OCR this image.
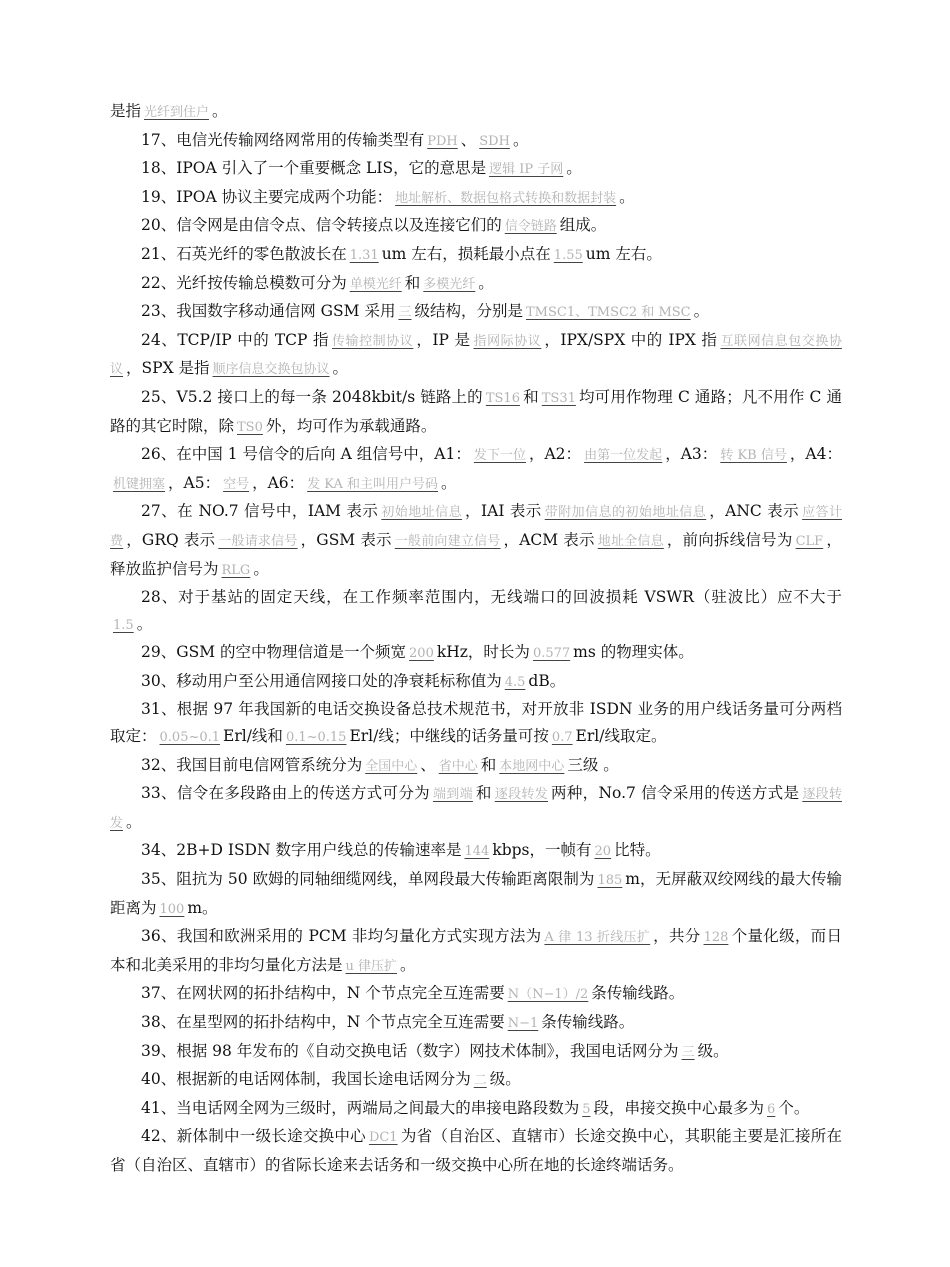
是指 光纤到住户 。

17、电信光传输网络网常用的传输类型有 PDH 、 SDH 。

18、IPOA 引入了一个重要概念 LIS，它的意思是 逻辑 IP 子网 。

19、IPOA 协议主要完成两个功能： 地址解析、数据包格式转换和数据封装 。

20、信令网是由信令点、信令转接点以及连接它们的 信令链路 组成。

21、石英光纤的零色散波长在 1.31 um 左右，损耗最小点在 1.55 um 左右。

22、光纤按传输总模数可分为 单模光纤 和 多模光纤 。

23、我国数字移动通信网 GSM 采用 三 级结构，分别是 TMSC1、TMSC2 和 MSC 。

24、TCP/IP 中的 TCP 指 传输控制协议 ，IP 是 指网际协议 ，IPX/SPX 中的 IPX 指 互联网信息包交换协议 ，SPX 是指 顺序信息交换包协议 。

25、V5.2 接口上的每一条 2048kbit/s 链路上的 TS16 和 TS31 均可用作物理 C 通路；凡不用作 C 通路的其它时隙，除 TS0 外，均可作为承载通路。

26、在中国 1 号信令的后向 A 组信号中，A1： 发下一位 ，A2： 由第一位发起 ，A3： 转 KB 信号 ，A4：机键拥塞 ，A5： 空号 ，A6： 发 KA 和主叫用户号码 。

27、在 NO.7 信号中，IAM 表示 初始地址信息 ，IAI 表示 带附加信息的初始地址信息 ，ANC 表示 应答计费 ，GRQ 表示 一般请求信号 ，GSM 表示 一般前向建立信号 ，ACM 表示 地址全信息 ，前向拆线信号为 CLF ，释放监护信号为 RLG 。

28、对于基站的固定天线，在工作频率范围内，无线端口的回波损耗 VSWR（驻波比）应不大于1.5 。

29、GSM 的空中物理信道是一个频宽 200 kHz，时长为 0.577 ms 的物理实体。

30、移动用户至公用通信网接口处的净衰耗标称值为 4.5 dB。

31、根据 97 年我国新的电话交换设备总技术规范书，对开放非 ISDN 业务的用户线话务量可分两档取定： 0.05~0.1 Erl/线和 0.1~0.15 Erl/线；中继线的话务量可按 0.7 Erl/线取定。

32、我国目前电信网管系统分为 全国中心 、 省中心 和 本地网中心 三级 。

33、信令在多段路由上的传送方式可分为 端到端 和 逐段转发 两种，No.7 信令采用的传送方式是 逐段转发 。

34、2B+D ISDN 数字用户线总的传输速率是 144 kbps，一帧有 20 比特。

35、阻抗为 50 欧姆的同轴细缆网线，单网段最大传输距离限制为 185 m，无屏蔽双绞网线的最大传输距离为 100 m。

36、我国和欧洲采用的 PCM 非均匀量化方式实现方法为 A 律 13 折线压扩 ，共分 128 个量化级，而日本和北美采用的非均匀量化方法是 u 律压扩 。

37、在网状网的拓扑结构中，N 个节点完全互连需要 N（N−1）/2 条传输线路。

38、在星型网的拓扑结构中，N 个节点完全互连需要 N−1 条传输线路。

39、根据 98 年发布的《自动交换电话（数字）网技术体制》，我国电话网分为 三 级。

40、根据新的电话网体制，我国长途电话网分为 二 级。

41、当电话网全网为三级时，两端局之间最大的串接电路段数为 5 段，串接交换中心最多为 6 个。

42、新体制中一级长途交换中心 DC1 为省（自治区、直辖市）长途交换中心，其职能主要是汇接所在省（自治区、直辖市）的省际长途来去话务和一级交换中心所在地的长途终端话务。
